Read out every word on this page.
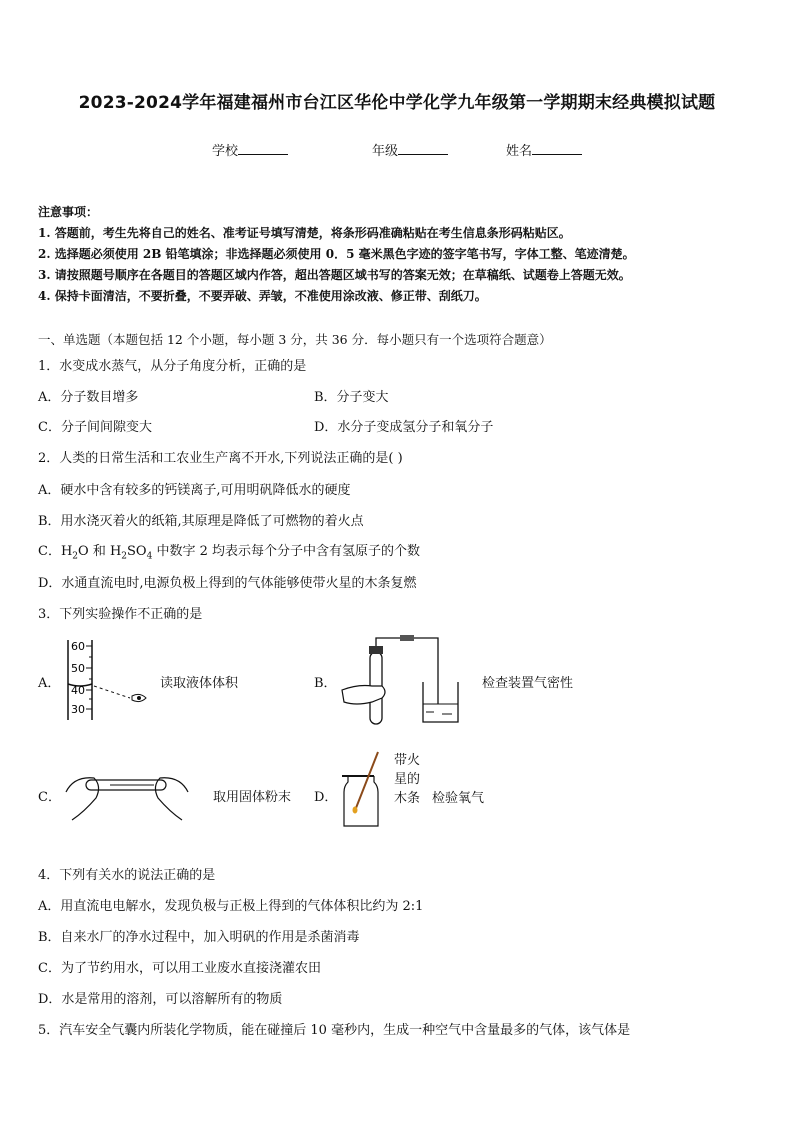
2023-2024学年福建福州市台江区华伦中学化学九年级第一学期期末经典模拟试题
学校	年级	姓名
注意事项：
1. 答题前，考生先将自己的姓名、准考证号填写清楚，将条形码准确粘贴在考生信息条形码粘贴区。
2. 选择题必须使用 2B 铅笔填涂；非选择题必须使用 0．5 毫米黑色字迹的签字笔书写，字体工整、笔迹清楚。
3. 请按照题号顺序在各题目的答题区域内作答，超出答题区域书写的答案无效；在草稿纸、试题卷上答题无效。
4. 保持卡面清洁，不要折叠，不要弄破、弄皱，不准使用涂改液、修正带、刮纸刀。
一、单选题（本题包括 12 个小题，每小题 3 分，共 36 分．每小题只有一个选项符合题意）
1．水变成水蒸气，从分子角度分析，正确的是
A．分子数目增多	B．分子变大
C．分子间间隙变大	D．水分子变成氢分子和氧分子
2．人类的日常生活和工农业生产离不开水,下列说法正确的是( )
A．硬水中含有较多的钙镁离子,可用明矾降低水的硬度
B．用水浇灭着火的纸箱,其原理是降低了可燃物的着火点
C．$H_2O$ 和 $H_2SO_4$ 中数字 2 均表示每个分子中含有氢原子的个数
D．水通直流电时,电源负极上得到的气体能够使带火星的木条复燃
3．下列实验操作不正确的是
A．
60
50
40
30
读取液体体积	B．	检查装置气密性
C．	取用固体粉末 D．
带火
星的
木条 检验氧气
4．下列有关水的说法正确的是
A．用直流电电解水，发现负极与正极上得到的气体体积比约为 2:1
B．自来水厂的净水过程中，加入明矾的作用是杀菌消毒
C．为了节约用水，可以用工业废水直接浇灌农田
D．水是常用的溶剂，可以溶解所有的物质
5．汽车安全气囊内所装化学物质，能在碰撞后 10 毫秒内，生成一种空气中含量最多的气体，该气体是
